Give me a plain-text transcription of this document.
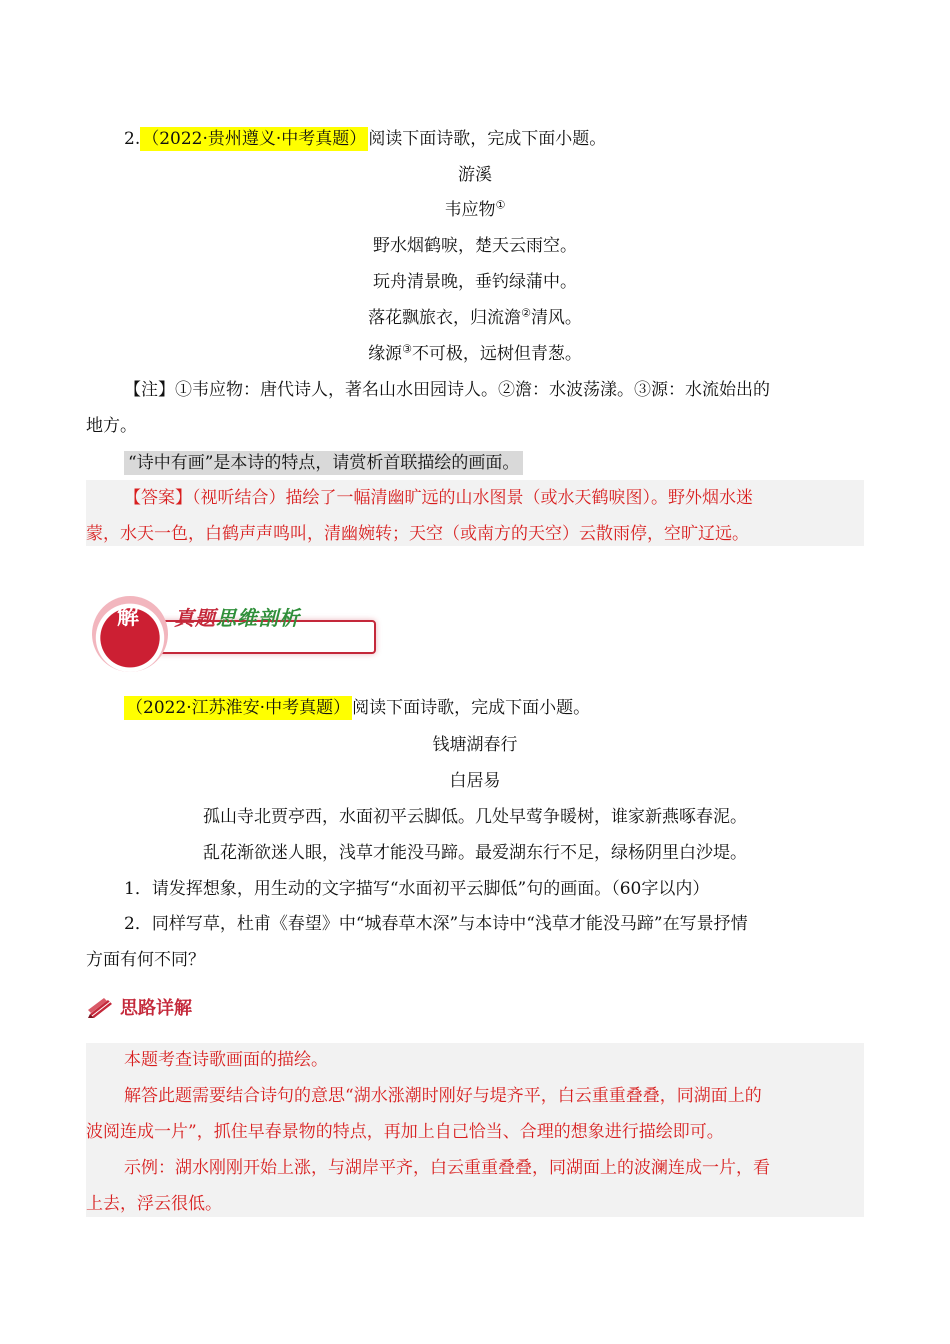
2. （2022·贵州遵义·中考真题） 阅读下面诗歌，完成下面小题。
游溪
韦应物①
野水烟鹤唳，楚天云雨空。
玩舟清景晚，垂钓绿蒲中。
落花飘旅衣，归流澹②清风。
缘源③不可极，远树但青葱。
【注】①韦应物：唐代诗人，著名山水田园诗人。②澹：水波荡漾。③源：水流始出的
地方。
“诗中有画”是本诗的特点，请赏析首联描绘的画面。
【答案】（视听结合）描绘了一幅清幽旷远的山水图景（或水天鹤唳图）。野外烟水迷
蒙，水天一色，白鹤声声鸣叫，清幽婉转；天空（或南方的天空）云散雨停，空旷辽远。
解	真题思维剖析
（2022·江苏淮安·中考真题） 阅读下面诗歌，完成下面小题。
钱塘湖春行
白居易
孤山寺北贾亭西，水面初平云脚低。几处早莺争暖树，谁家新燕啄春泥。
乱花渐欲迷人眼，浅草才能没马蹄。最爱湖东行不足，绿杨阴里白沙堤。
1．请发挥想象，用生动的文字描写“水面初平云脚低”句的画面。（60字以内）
2．同样写草，杜甫《春望》中“城春草木深”与本诗中“浅草才能没马蹄”在写景抒情
方面有何不同？
思路详解
本题考查诗歌画面的描绘。
解答此题需要结合诗句的意思“湖水涨潮时刚好与堤齐平，白云重重叠叠，同湖面上的
波阅连成一片”，抓住早春景物的特点，再加上自己恰当、合理的想象进行描绘即可。
示例：湖水刚刚开始上涨，与湖岸平齐，白云重重叠叠，同湖面上的波澜连成一片，看
上去，浮云很低。
